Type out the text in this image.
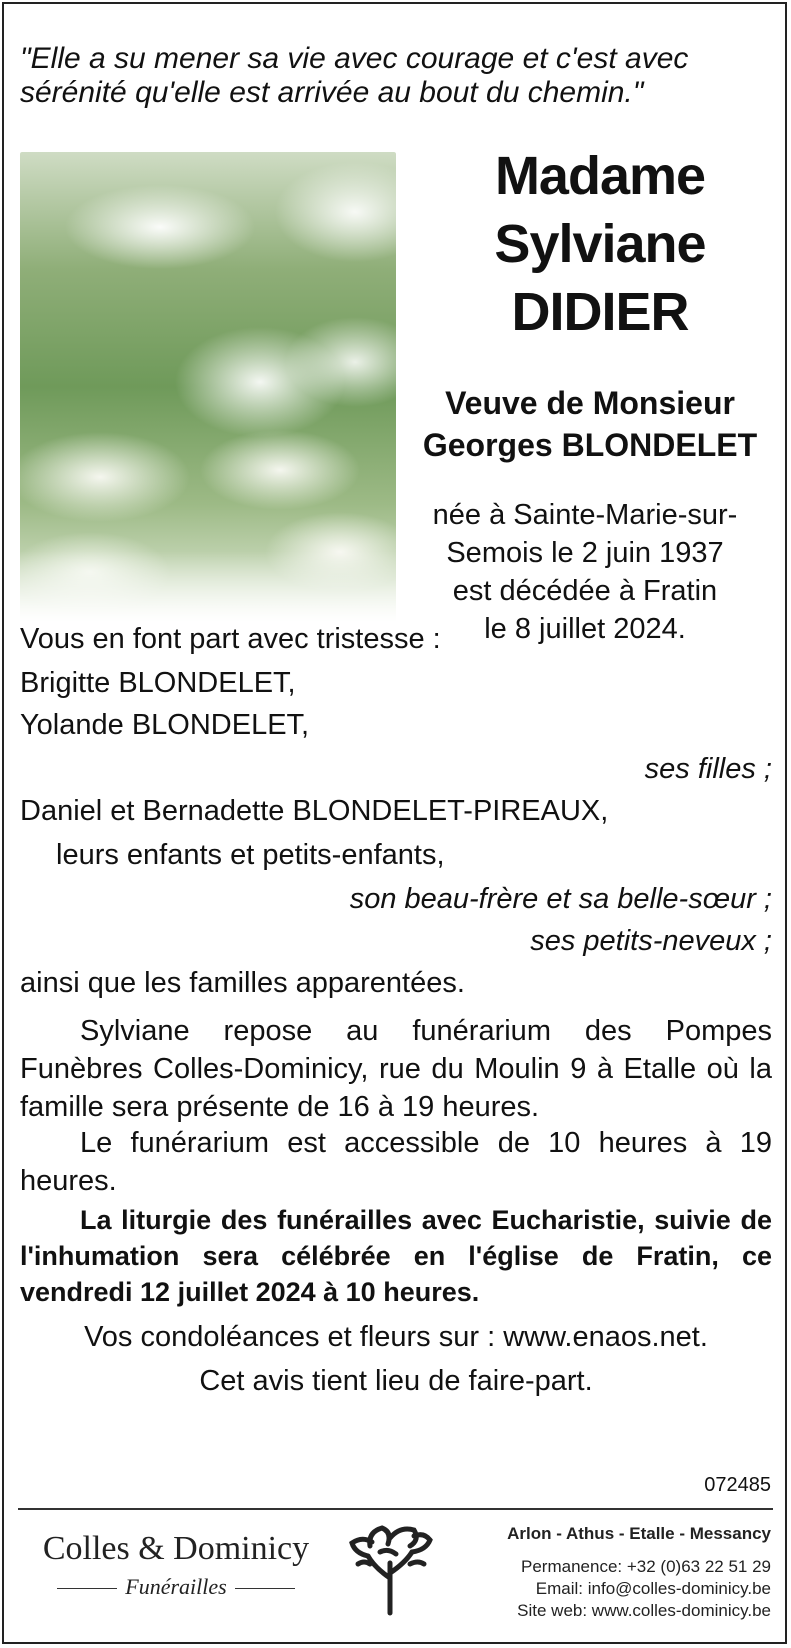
"Elle a su mener sa vie avec courage et c'est avec sérénité qu'elle est arrivée au bout du chemin."
Madame
Sylviane
DIDIER
Veuve de Monsieur
Georges BLONDELET
née à Sainte-Marie-sur-
Semois le 2 juin 1937
est décédée à Fratin
le 8 juillet 2024.
Vous en font part avec tristesse :
Brigitte BLONDELET,
Yolande BLONDELET,
ses filles ;
Daniel et Bernadette BLONDELET-PIREAUX,
leurs enfants et petits-enfants,
son beau-frère et sa belle-sœur ;
ses petits-neveux ;
ainsi que les familles apparentées.
Sylviane repose au funérarium des Pompes Funèbres Colles-Dominicy, rue du Moulin 9 à Etalle où la famille sera présente de 16 à 19 heures.
Le funérarium est accessible de 10 heures à 19 heures.
La liturgie des funérailles avec Eucharistie, suivie de l'inhumation sera célébrée en l'église de Fratin, ce vendredi 12 juillet 2024 à 10 heures.
Vos condoléances et fleurs sur : www.enaos.net.
Cet avis tient lieu de faire-part.
072485
Colles & Dominicy
Funérailles
Arlon - Athus - Etalle - Messancy
Permanence: +32 (0)63 22 51 29
Email: info@colles-dominicy.be
Site web: www.colles-dominicy.be
